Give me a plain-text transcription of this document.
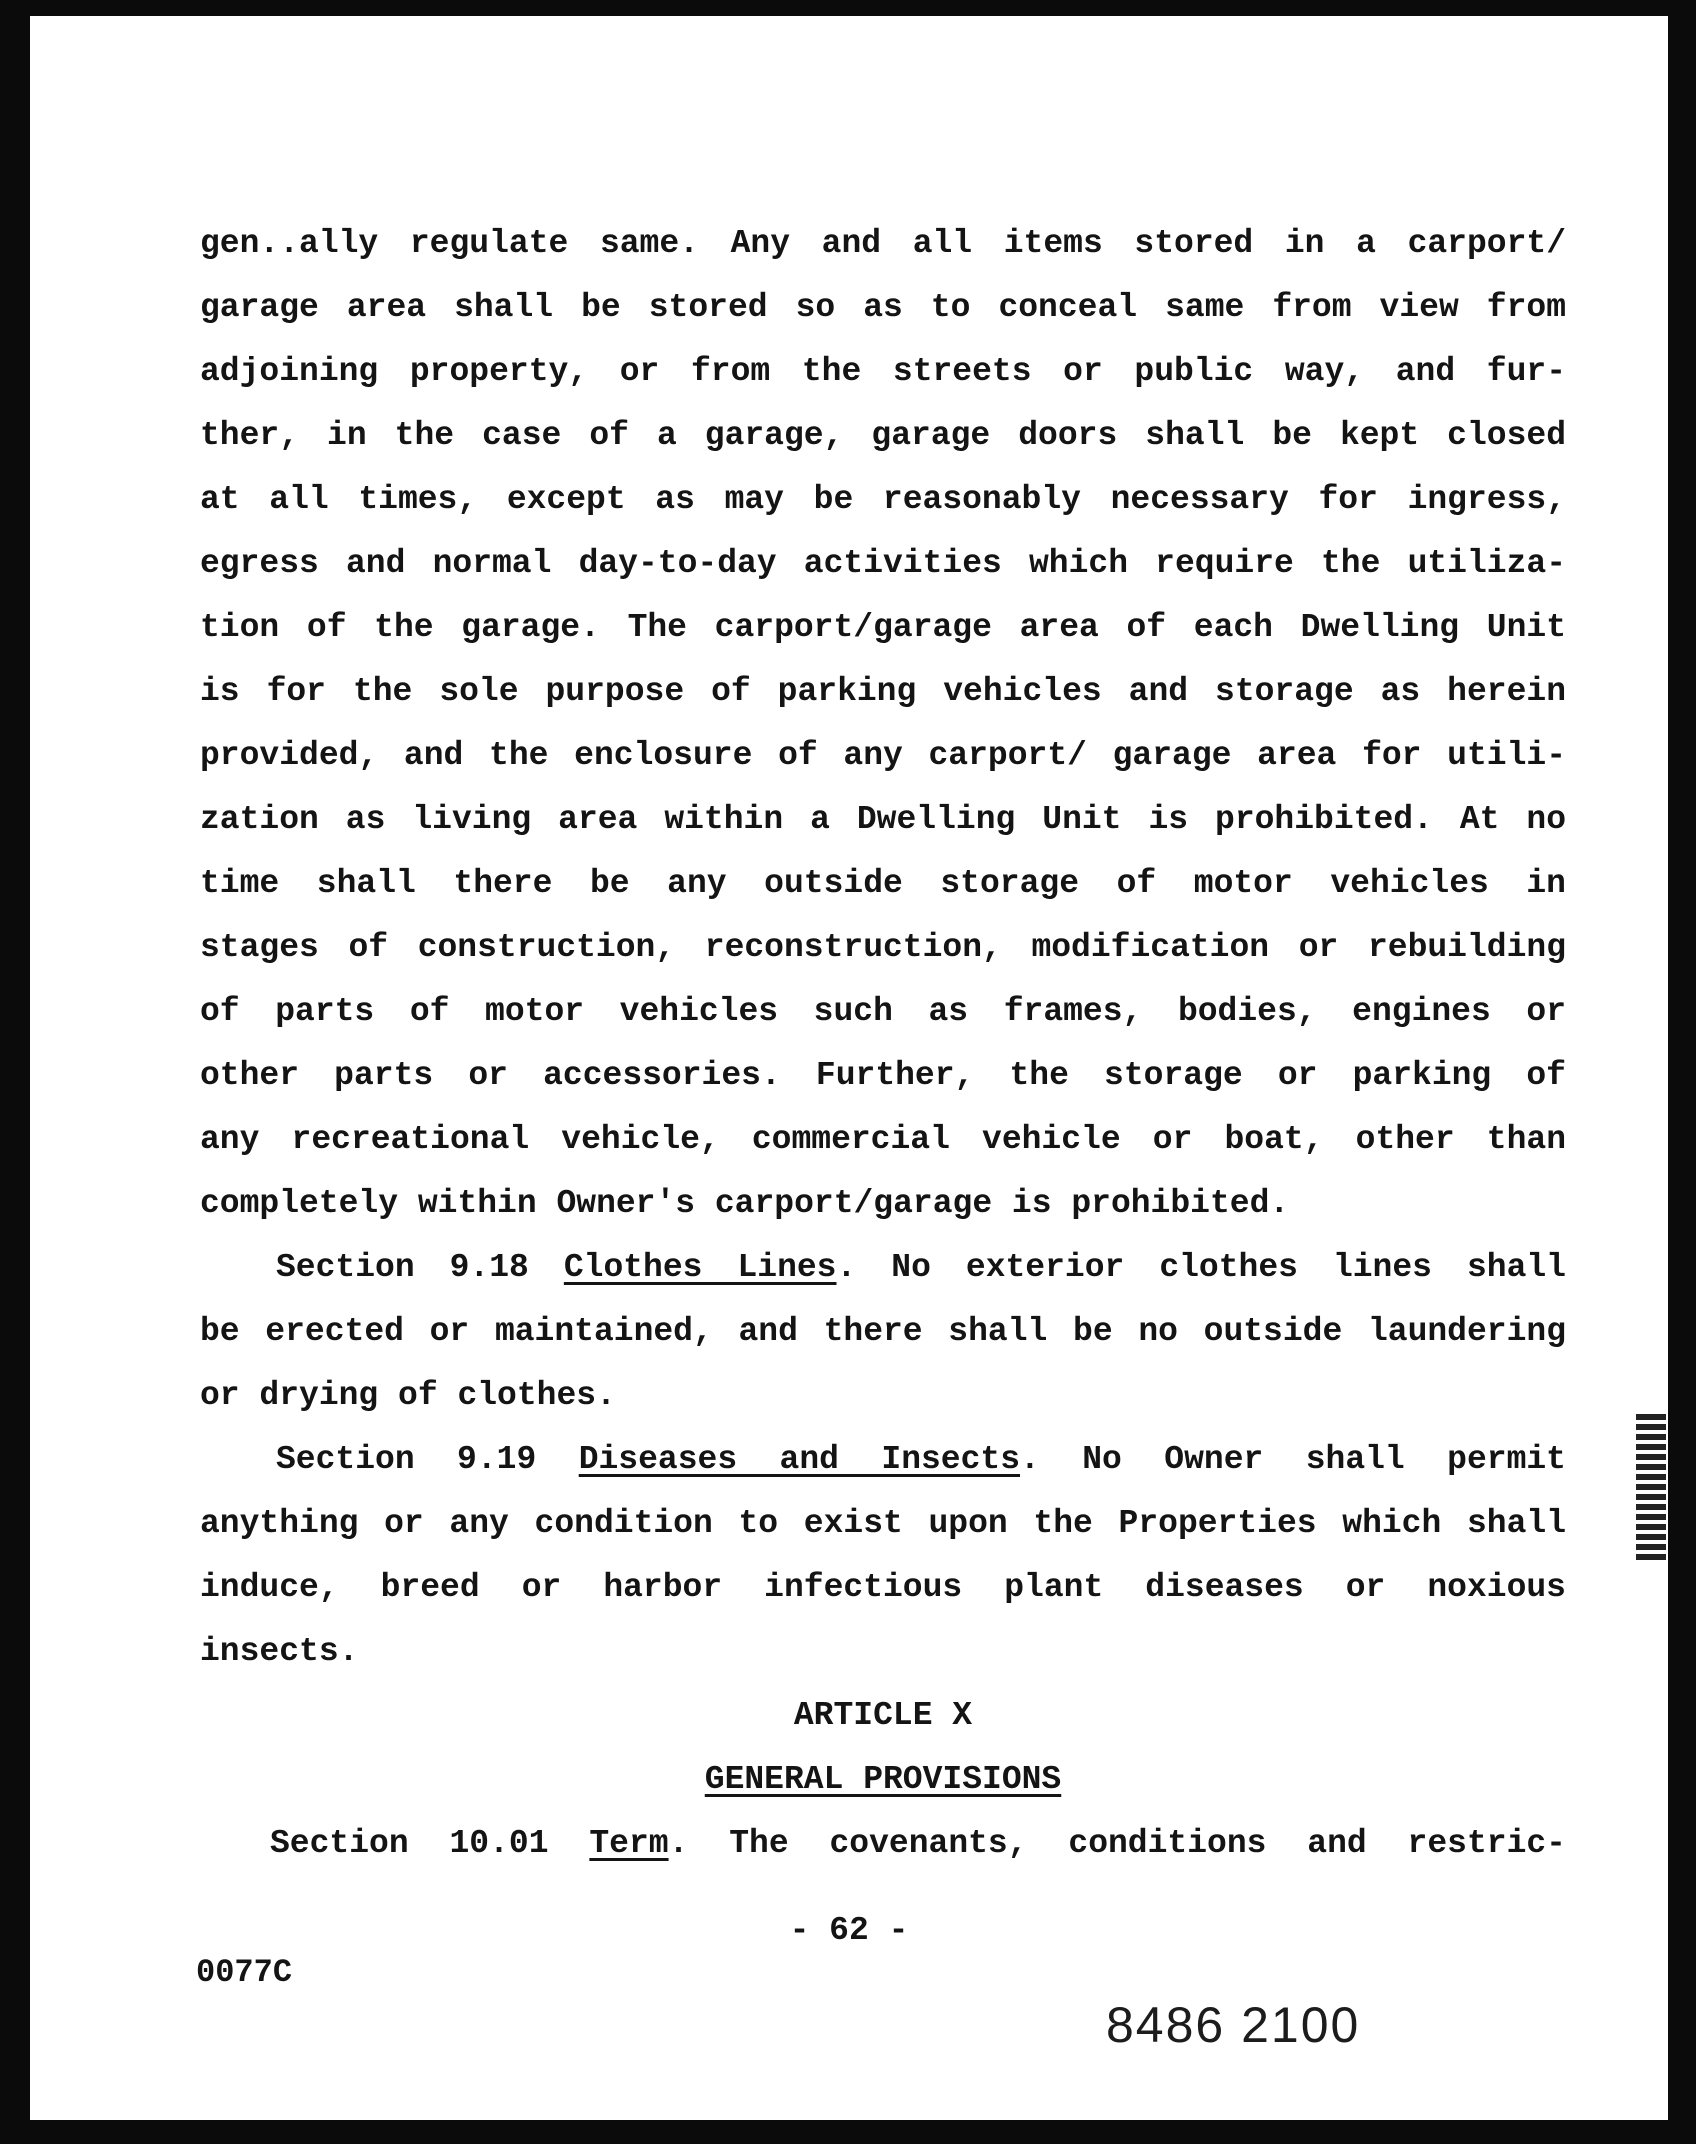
gen..ally regulate same. Any and all items stored in a carport/
garage area shall be stored so as to conceal same from view from
adjoining property, or from the streets or public way, and fur-
ther, in the case of a garage, garage doors shall be kept closed
at all times, except as may be reasonably necessary for ingress,
egress and normal day-to-day activities which require the utiliza-
tion of the garage. The carport/garage area of each Dwelling Unit
is for the sole purpose of parking vehicles and storage as herein
provided, and the enclosure of any carport/ garage area for utili-
zation as living area within a Dwelling Unit is prohibited. At no
time shall there be any outside storage of motor vehicles in
stages of construction, reconstruction, modification or rebuilding
of parts of motor vehicles such as frames, bodies, engines or
other parts or accessories. Further, the storage or parking of
any recreational vehicle, commercial vehicle or boat, other than
completely within Owner's carport/garage is prohibited.
Section 9.18 Clothes Lines. No exterior clothes lines shall
be erected or maintained, and there shall be no outside laundering
or drying of clothes.
Section 9.19 Diseases and Insects. No Owner shall permit
anything or any condition to exist upon the Properties which shall
induce, breed or harbor infectious plant diseases or noxious
insects.
ARTICLE X
GENERAL PROVISIONS
Section 10.01 Term. The covenants, conditions and restric-
- 62 -
0077C
8486 2100
